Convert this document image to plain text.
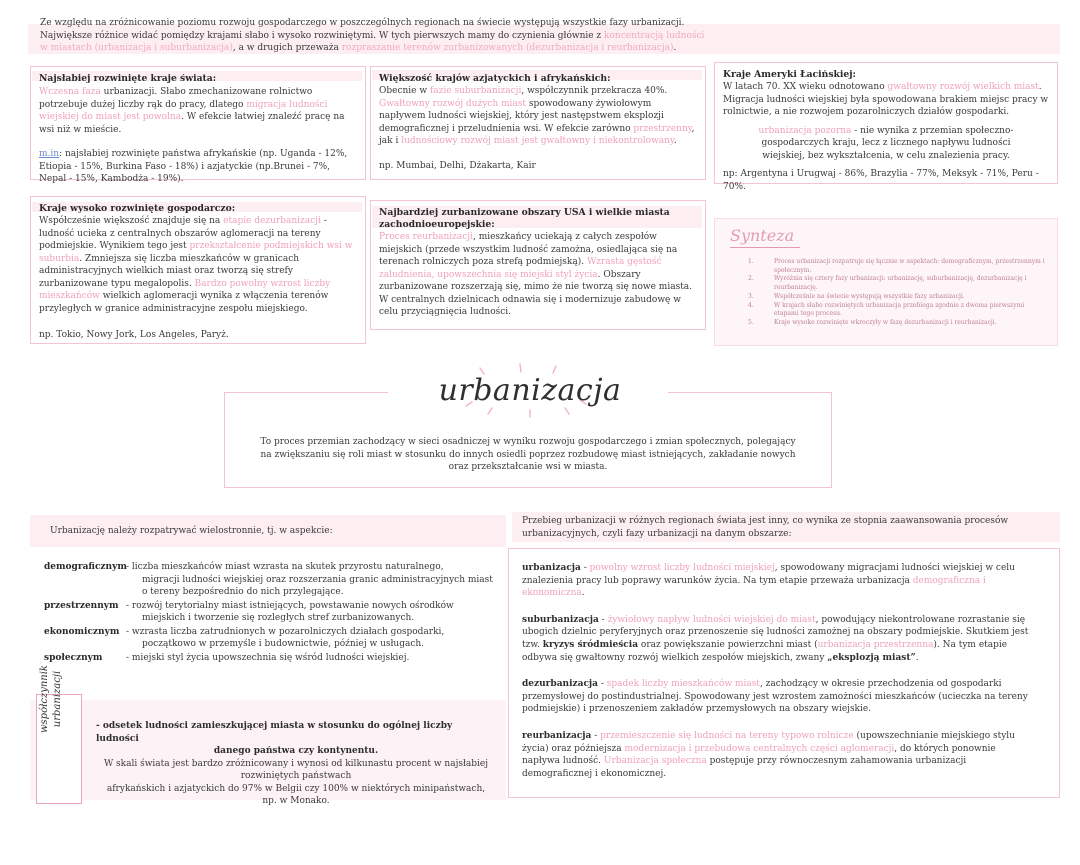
Ze względu na zróżnicowanie poziomu rozwoju gospodarczego w poszczególnych regionach na świecie występują wszystkie fazy urbanizacji.
Największe różnice widać pomiędzy krajami słabo i wysoko rozwiniętymi. W tych pierwszych mamy do czynienia głównie z koncentracją ludności
w miastach (urbanizacja i suburbanizacja), a w drugich przeważa rozpraszanie terenów zurbanizowanych (dezurbanizacja i reurbanizacja).
Najsłabiej rozwinięte kraje świata:
Wczesna faza urbanizacji. Słabo zmechanizowane rolnictwo potrzebuje dużej liczby rąk do pracy, dlatego migracja ludności wiejskiej do miast jest powolna. W efekcie łatwiej znaleźć pracę na wsi niż w mieście.
m.in: najsłabiej rozwinięte państwa afrykańskie (np. Uganda - 12%, Etiopia - 15%, Burkina Faso - 18%) i azjatyckie (np.Brunei - 7%, Nepal - 15%, Kambodża - 19%).
Większość krajów azjatyckich i afrykańskich:
Obecnie w fazie suburbanizacji, współczynnik przekracza 40%. Gwałtowny rozwój dużych miast spowodowany żywiołowym napływem ludności wiejskiej, który jest następstwem eksplozji demograficznej i przeludnienia wsi. W efekcie zarówno przestrzenny, jak i ludnościowy rozwój miast jest gwałtowny i niekontrolowany.
np. Mumbai, Delhi, Dżakarta, Kair
Kraje Ameryki Łacińskiej:
W latach 70. XX wieku odnotowano gwałtowny rozwój wielkich miast. Migracja ludności wiejskiej była spowodowana brakiem miejsc pracy w rolnictwie, a nie rozwojem pozarolniczych działów gospodarki.
urbanizacja pozorna - nie wynika z przemian społeczno-gospodarczych kraju, lecz z licznego napływu ludności wiejskiej, bez wykształcenia, w celu znalezienia pracy.
np: Argentyna i Urugwaj - 86%, Brazylia - 77%, Meksyk - 71%, Peru - 70%.
Kraje wysoko rozwinięte gospodarczo:
Współcześnie większość znajduje się na etapie dezurbanizacji - ludność ucieka z centralnych obszarów aglomeracji na tereny podmiejskie. Wynikiem tego jest przekształcenie podmiejskich wsi w suburbia. Zmniejsza się liczba mieszkańców w granicach administracyjnych wielkich miast oraz tworzą się strefy zurbanizowane typu megalopolis. Bardzo powolny wzrost liczby mieszkańców wielkich aglomeracji wynika z włączenia terenów przyległych w granice administracyjne zespołu miejskiego.
np. Tokio, Nowy Jork, Los Angeles, Paryż.
Najbardziej zurbanizowane obszary USA i wielkie miasta zachodnioeuropejskie:
Proces reurbanizacji, mieszkańcy uciekają z całych zespołów miejskich (przede wszystkim ludność zamożna, osiedlająca się na terenach rolniczych poza strefą podmiejską). Wzrasta gęstość zaludnienia, upowszechnia się miejski styl życia. Obszary zurbanizowane rozszerzają się, mimo że nie tworzą się nowe miasta. W centralnych dzielnicach odnawia się i modernizuje zabudowę w celu przyciągnięcia ludności.
Synteza
1.	Proces urbanizacji rozpatruje się łącznie w aspektach: demograficznym, przestrzennym i społecznym.
2.	Wyróżnia się cztery fazy urbanizacji: urbanizację, suburbanizację, dezurbanizację i reurbanizację.
3.	Współcześnie na świecie występują wszystkie fazy urbanizacji.
4.	W krajach słabo rozwiniętych urbanizacja przebiega zgodnie z dwoma pierwszymi etapami tego procesu.
5.	Kraje wysoko rozwinięte wkroczyły w fazę dezurbanizacji i reurbanizacji.
urbanizacja
To proces przemian zachodzący w sieci osadniczej w wyniku rozwoju gospodarczego i zmian społecznych, polegający na zwiększaniu się roli miast w stosunku do innych osiedli poprzez rozbudowę miast istniejących, zakładanie nowych oraz przekształcanie wsi w miasta.
Urbanizację należy rozpatrywać wielostronnie, tj. w aspekcie:
demograficznym - liczba mieszkańców miast wzrasta na skutek przyrostu naturalnego,
migracji ludności wiejskiej oraz rozszerzania granic administracyjnych miast
o tereny bezpośrednio do nich przylegające.
przestrzennym - rozwój terytorialny miast istniejących, powstawanie nowych ośrodków
miejskich i tworzenie się rozległych stref zurbanizowanych.
ekonomicznym - wzrasta liczba zatrudnionych w pozarolniczych działach gospodarki,
początkowo w przemyśle i budownictwie, później w usługach.
społecznym	- miejski styl życia upowszechnia się wśród ludności wiejskiej.
współczynnik urbanizacji	- odsetek ludności zamieszkującej miasta w stosunku do ogólnej liczby ludności
danego państwa czy kontynentu.
W skali świata jest bardzo zróżnicowany i wynosi od kilkunastu procent w najsłabiej
rozwiniętych państwach
afrykańskich i azjatyckich do 97% w Belgii czy 100% w niektórych minipaństwach,
np. w Monako.
Przebieg urbanizacji w różnych regionach świata jest inny, co wynika ze stopnia zaawansowania procesów urbanizacyjnych, czyli fazy urbanizacji na danym obszarze:
urbanizacja - powolny wzrost liczby ludności miejskiej, spowodowany migracjami ludności wiejskiej w celu znalezienia pracy lub poprawy warunków życia. Na tym etapie przeważa urbanizacja demograficzna i ekonomiczna.
suburbanizacja - żywiołowy napływ ludności wiejskiej do miast, powodujący niekontrolowane rozrastanie się ubogich dzielnic peryferyjnych oraz przenoszenie się ludności zamożnej na obszary podmiejskie. Skutkiem jest tzw. kryzys śródmieścia oraz powiększanie powierzchni miast (urbanizacja przestrzenna). Na tym etapie odbywa się gwałtowny rozwój wielkich zespołów miejskich, zwany „eksplozją miast”.
dezurbanizacja - spadek liczby mieszkańców miast, zachodzący w okresie przechodzenia od gospodarki przemysłowej do postindustrialnej. Spowodowany jest wzrostem zamożności mieszkańców (ucieczka na tereny podmiejskie) i przenoszeniem zakładów przemysłowych na obszary wiejskie.
reurbanizacja - przemieszczenie się ludności na tereny typowo rolnicze (upowszechnianie miejskiego stylu życia) oraz późniejsza modernizacja i przebudowa centralnych części aglomeracji, do których ponownie napływa ludność. Urbanizacja społeczna postępuje przy równoczesnym zahamowania urbanizacji demograficznej i ekonomicznej.
